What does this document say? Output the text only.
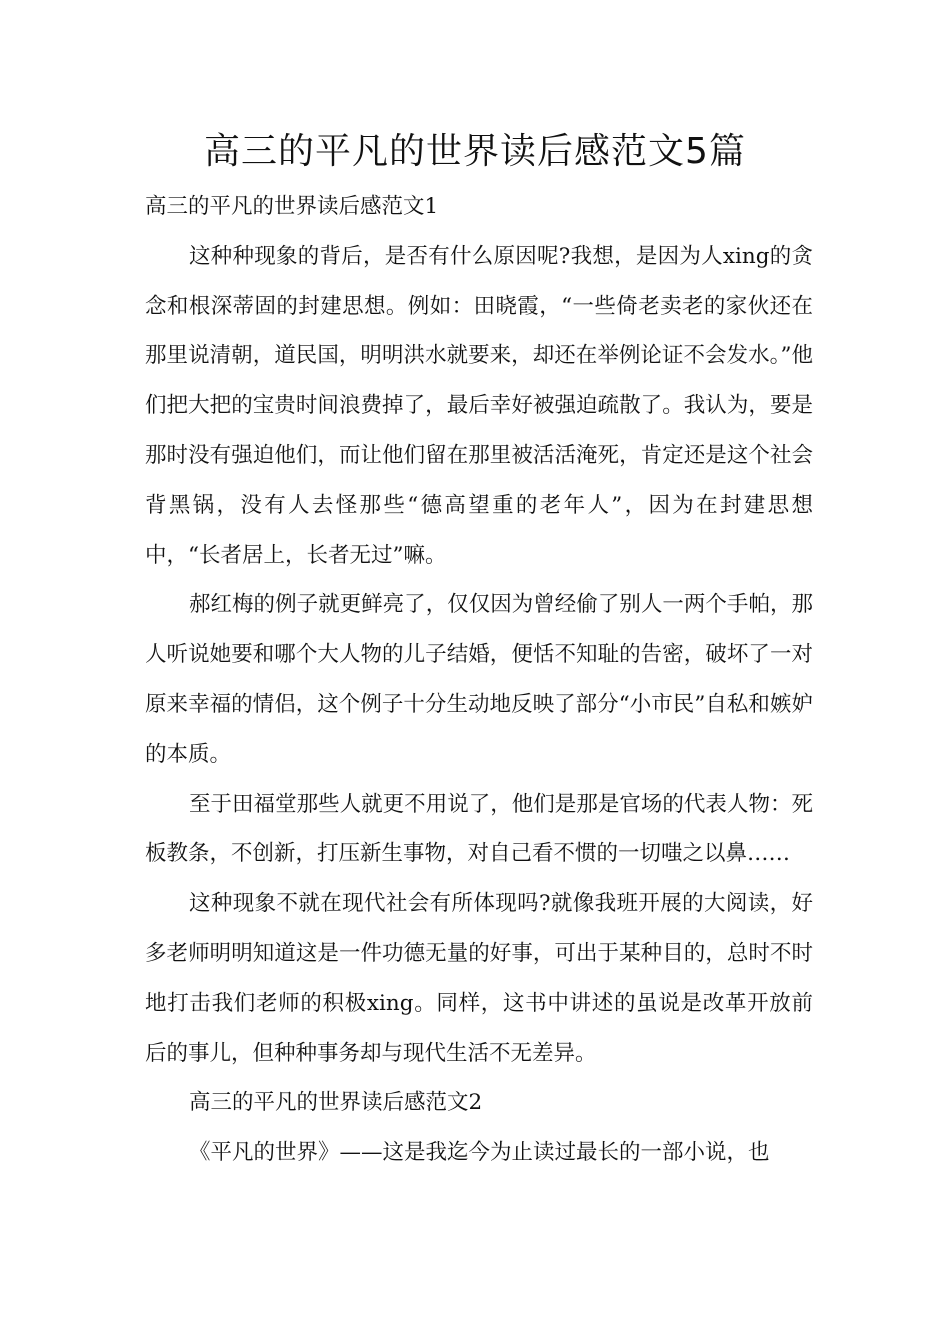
高三的平凡的世界读后感范文5篇

高三的平凡的世界读后感范文1

这种种现象的背后，是否有什么原因呢?我想，是因为人xing的贪念和根深蒂固的封建思想。例如：田晓霞，“一些倚老卖老的家伙还在那里说清朝，道民国，明明洪水就要来，却还在举例论证不会发水。”他们把大把的宝贵时间浪费掉了，最后幸好被强迫疏散了。我认为，要是那时没有强迫他们，而让他们留在那里被活活淹死，肯定还是这个社会背黑锅，没有人去怪那些“德高望重的老年人”，因为在封建思想中，“长者居上，长者无过”嘛。

郝红梅的例子就更鲜亮了，仅仅因为曾经偷了别人一两个手帕，那人听说她要和哪个大人物的儿子结婚，便恬不知耻的告密，破坏了一对原来幸福的情侣，这个例子十分生动地反映了部分“小市民”自私和嫉妒的本质。

至于田福堂那些人就更不用说了，他们是那是官场的代表人物：死板教条，不创新，打压新生事物，对自己看不惯的一切嗤之以鼻……

这种现象不就在现代社会有所体现吗?就像我班开展的大阅读，好多老师明明知道这是一件功德无量的好事，可出于某种目的，总时不时地打击我们老师的积极xing。同样，这书中讲述的虽说是改革开放前后的事儿，但种种事务却与现代生活不无差异。

高三的平凡的世界读后感范文2

《平凡的世界》——这是我迄今为止读过最长的一部小说，也
